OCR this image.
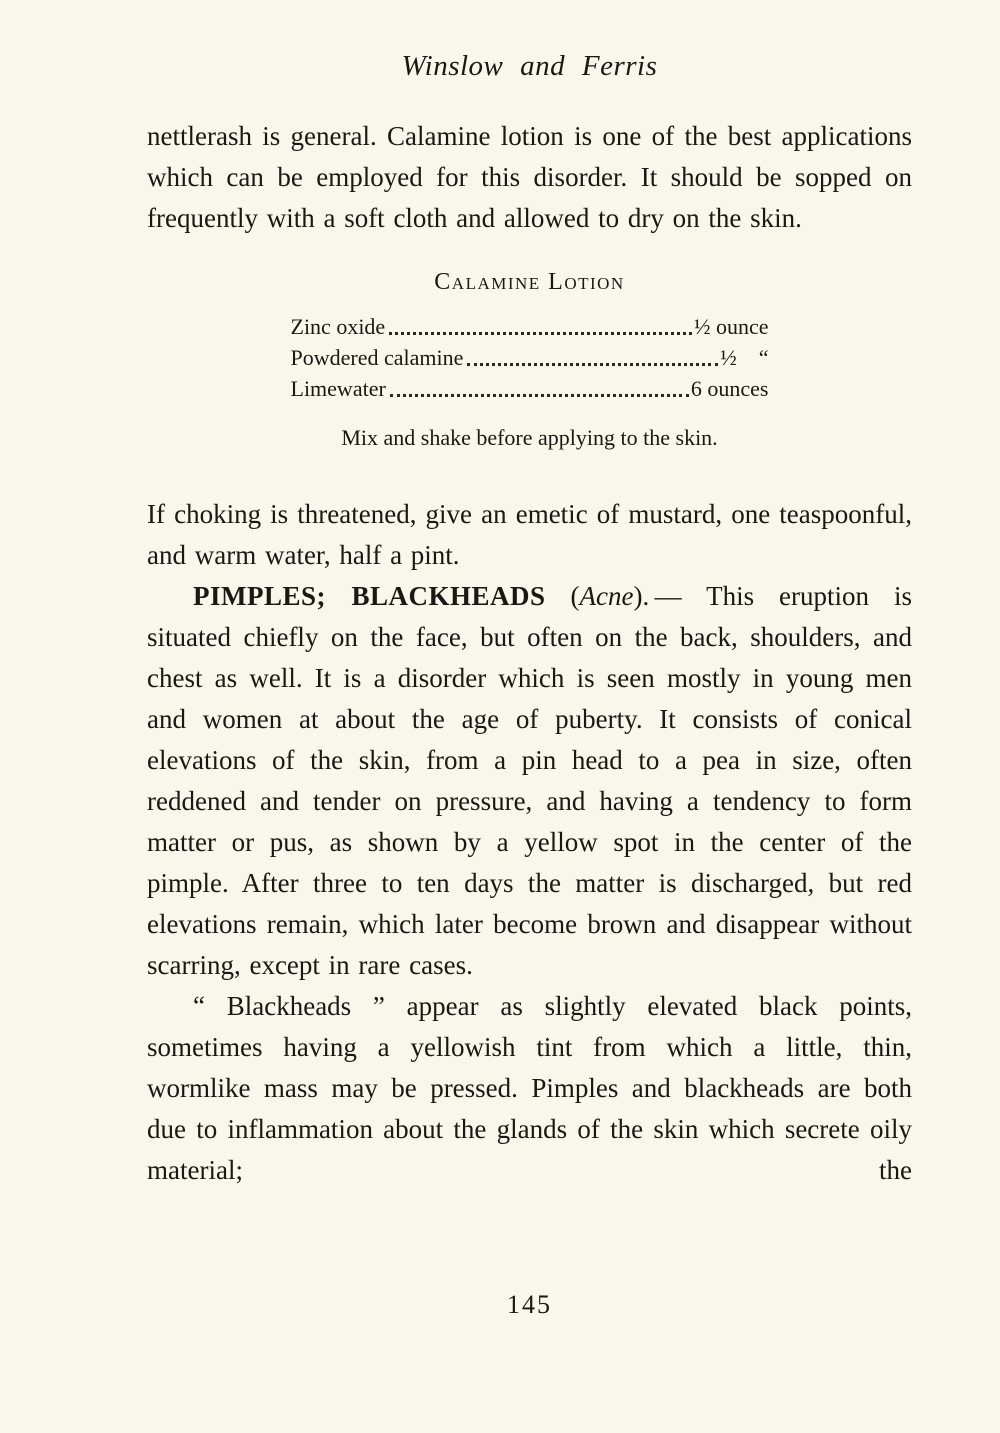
Winslow and Ferris

nettlerash is general. Calamine lotion is one of the best applications which can be employed for this disorder. It should be sopped on frequently with a soft cloth and allowed to dry on the skin.

Calamine Lotion
Zinc oxide	½ ounce
Powdered calamine	½    “
Limewater	6 ounces
Mix and shake before applying to the skin.

If choking is threatened, give an emetic of mustard, one teaspoonful, and warm water, half a pint.

PIMPLES; BLACKHEADS (Acne). — This eruption is situated chiefly on the face, but often on the back, shoulders, and chest as well. It is a disorder which is seen mostly in young men and women at about the age of puberty. It consists of conical elevations of the skin, from a pin head to a pea in size, often reddened and tender on pressure, and having a tendency to form matter or pus, as shown by a yellow spot in the center of the pimple. After three to ten days the matter is discharged, but red elevations remain, which later become brown and disappear without scarring, except in rare cases.

“ Blackheads ” appear as slightly elevated black points, sometimes having a yellowish tint from which a little, thin, wormlike mass may be pressed. Pimples and blackheads are both due to inflammation about the glands of the skin which secrete oily material; the

145
